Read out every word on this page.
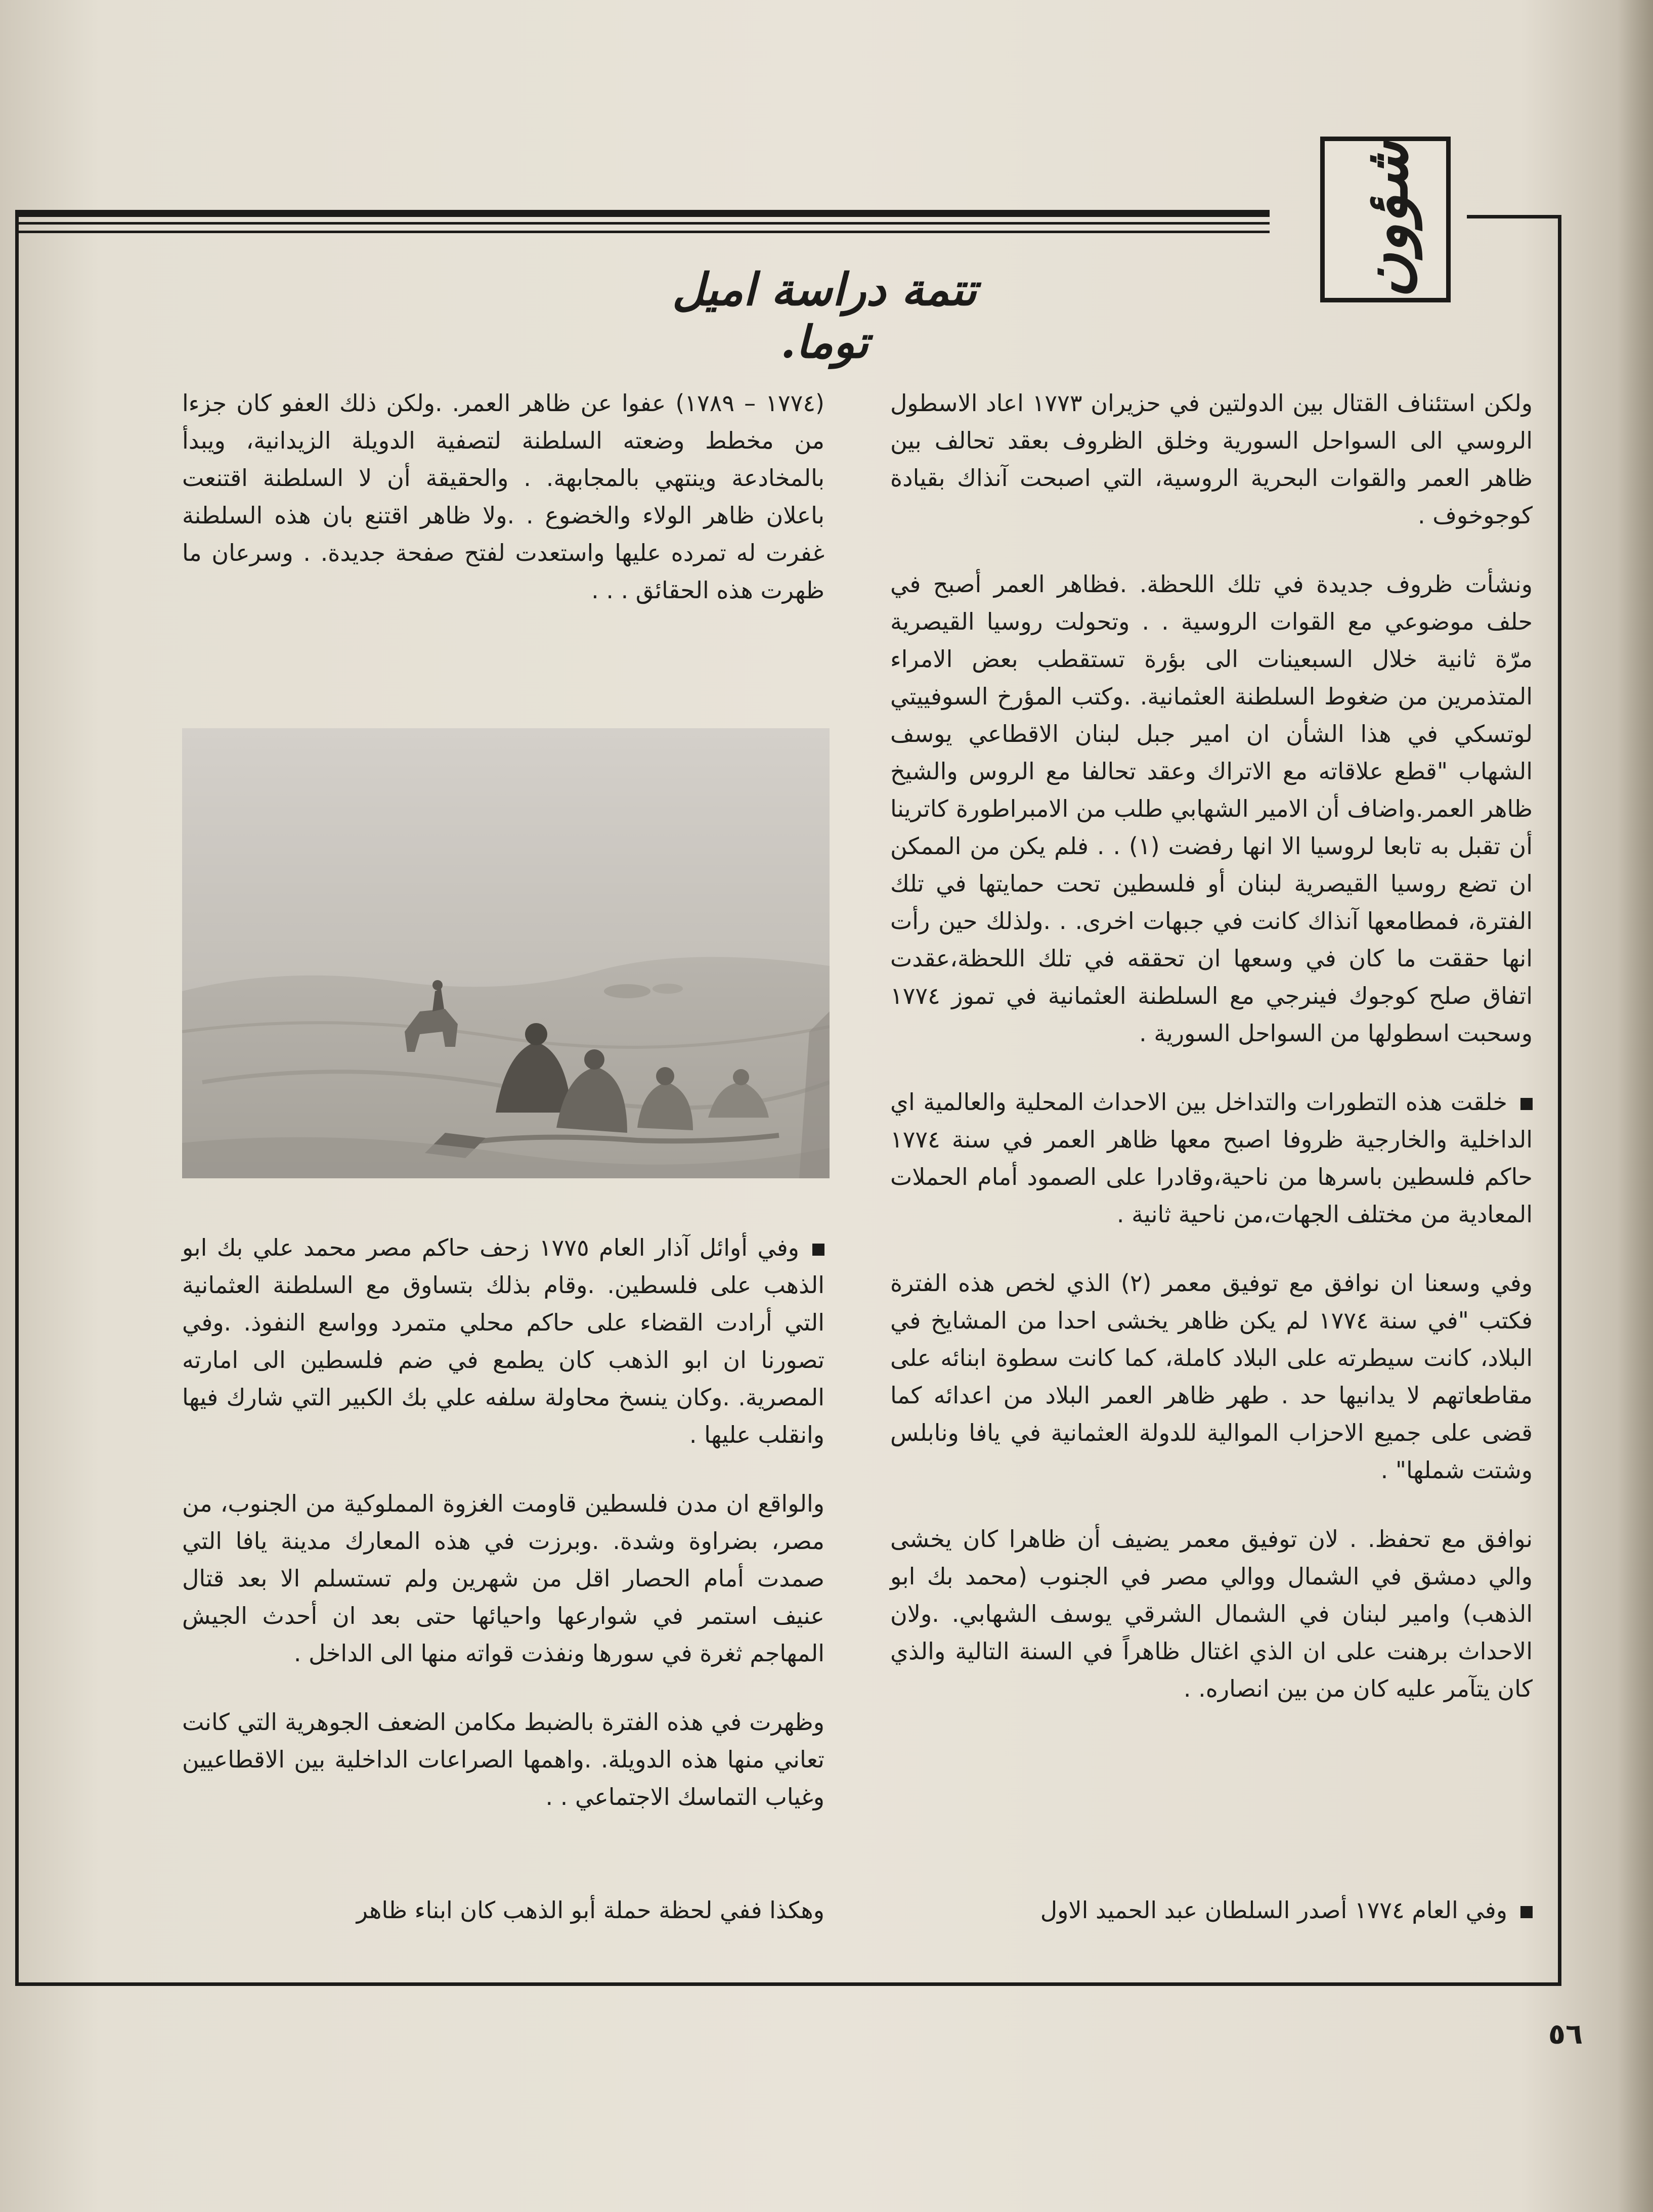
شؤون
تتمة دراسة اميل توما.

ولكن استئناف القتال بين الدولتين في حزيران ١٧٧٣ اعاد الاسطول الروسي الى السواحل السورية وخلق الظروف بعقد تحالف بين ظاهر العمر والقوات البحرية الروسية، التي اصبحت آنذاك بقيادة كوجوخوف .

ونشأت ظروف جديدة في تلك اللحظة. .فظاهر العمر أصبح في حلف موضوعي مع القوات الروسية . . وتحولت روسيا القيصرية مرّة ثانية خلال السبعينات الى بؤرة تستقطب بعض الامراء المتذمرين من ضغوط السلطنة العثمانية. .وكتب المؤرخ السوفييتي لوتسكي في هذا الشأن ان امير جبل لبنان الاقطاعي يوسف الشهاب "قطع علاقاته مع الاتراك وعقد تحالفا مع الروس والشيخ ظاهر العمر.واضاف أن الامير الشهابي طلب من الامبراطورة كاترينا أن تقبل به تابعا لروسيا الا انها رفضت (١) . . فلم يكن من الممكن ان تضع روسيا القيصرية لبنان أو فلسطين تحت حمايتها في تلك الفترة، فمطامعها آنذاك كانت في جبهات اخرى. . .ولذلك حين رأت انها حققت ما كان في وسعها ان تحققه في تلك اللحظة،عقدت اتفاق صلح كوجوك فينرجي مع السلطنة العثمانية في تموز ١٧٧٤ وسحبت اسطولها من السواحل السورية .

خلقت هذه التطورات والتداخل بين الاحداث المحلية والعالمية اي الداخلية والخارجية ظروفا اصبح معها ظاهر العمر في سنة ١٧٧٤ حاكم فلسطين باسرها من ناحية،وقادرا على الصمود أمام الحملات المعادية من مختلف الجهات،من ناحية ثانية .

وفي وسعنا ان نوافق مع توفيق معمر (٢) الذي لخص هذه الفترة فكتب "في سنة ١٧٧٤ لم يكن ظاهر يخشى احدا من المشايخ في البلاد، كانت سيطرته على البلاد كاملة، كما كانت سطوة ابنائه على مقاطعاتهم لا يدانيها حد . طهر ظاهر العمر البلاد من اعدائه كما قضى على جميع الاحزاب الموالية للدولة العثمانية في يافا ونابلس وشتت شملها" .

نوافق مع تحفظ. . لان توفيق معمر يضيف أن ظاهرا كان يخشى والي دمشق في الشمال ووالي مصر في الجنوب (محمد بك ابو الذهب) وامير لبنان في الشمال الشرقي يوسف الشهابي. .ولان الاحداث برهنت على ان الذي اغتال ظاهراً في السنة التالية والذي كان يتآمر عليه كان من بين انصاره. .

(١٧٧٤ – ١٧٨٩) عفوا عن ظاهر العمر. .ولكن ذلك العفو كان جزءا من مخطط وضعته السلطنة لتصفية الدويلة الزيدانية، ويبدأ بالمخادعة وينتهي بالمجابهة. . والحقيقة أن لا السلطنة اقتنعت باعلان ظاهر الولاء والخضوع . .ولا ظاهر اقتنع بان هذه السلطنة غفرت له تمرده عليها واستعدت لفتح صفحة جديدة. . وسرعان ما ظهرت هذه الحقائق . . .

وفي أوائل آذار العام ١٧٧٥ زحف حاكم مصر محمد علي بك ابو الذهب على فلسطين. .وقام بذلك بتساوق مع السلطنة العثمانية التي أرادت القضاء على حاكم محلي متمرد وواسع النفوذ. .وفي تصورنا ان ابو الذهب كان يطمع في ضم فلسطين الى امارته المصرية. .وكان ينسخ محاولة سلفه علي بك الكبير التي شارك فيها وانقلب عليها .

والواقع ان مدن فلسطين قاومت الغزوة المملوكية من الجنوب، من مصر، بضراوة وشدة. .وبرزت في هذه المعارك مدينة يافا التي صمدت أمام الحصار اقل من شهرين ولم تستسلم الا بعد قتال عنيف استمر في شوارعها واحيائها حتى بعد ان أحدث الجيش المهاجم ثغرة في سورها ونفذت قواته منها الى الداخل .

وظهرت في هذه الفترة بالضبط مكامن الضعف الجوهرية التي كانت تعاني منها هذه الدويلة. .واهمها الصراعات الداخلية بين الاقطاعيين وغياب التماسك الاجتماعي . .

وفي العام ١٧٧٤ أصدر السلطان عبد الحميد الاول
وهكذا ففي لحظة حملة أبو الذهب كان ابناء ظاهر
٥٦
